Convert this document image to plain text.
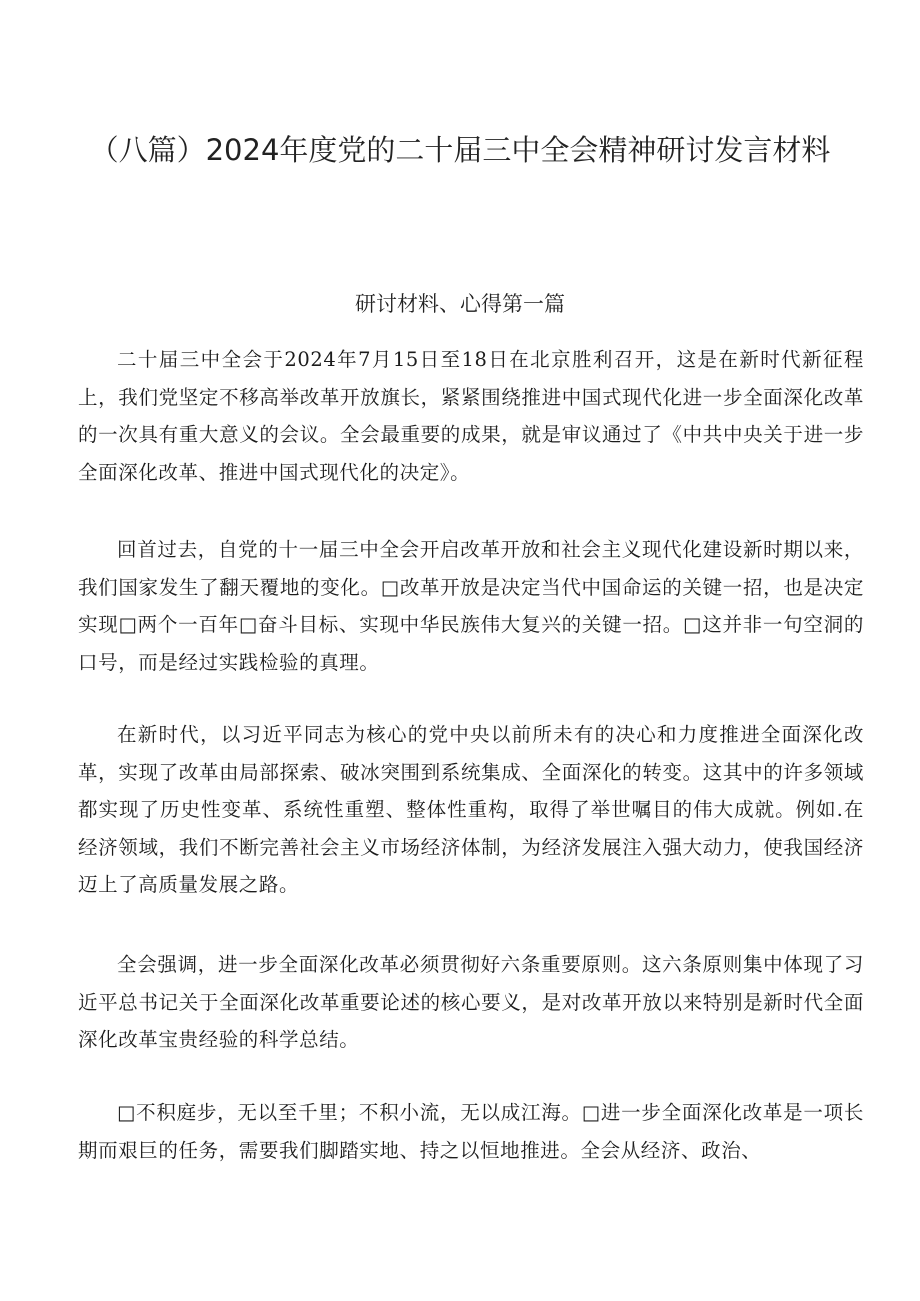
（八篇）2024年度党的二十届三中全会精神研讨发言材料
研讨材料、心得第一篇

二十届三中全会于2024年7月15日至18日在北京胜利召开，这是在新时代新征程上，我们党坚定不移高举改革开放旗长，紧紧围绕推进中国式现代化进一步全面深化改革的一次具有重大意义的会议。全会最重要的成果，就是审议通过了《中共中央关于进一步全面深化改革、推进中国式现代化的决定》。

回首过去，自党的十一届三中全会开启改革开放和社会主义现代化建设新时期以来，我们国家发生了翻天覆地的变化。□改革开放是决定当代中国命运的关键一招，也是决定实现□两个一百年□奋斗目标、实现中华民族伟大复兴的关键一招。□这并非一句空洞的口号，而是经过实践检验的真理。

在新时代，以习近平同志为核心的党中央以前所未有的决心和力度推进全面深化改革，实现了改革由局部探索、破冰突围到系统集成、全面深化的转变。这其中的许多领域都实现了历史性变革、系统性重塑、整体性重构，取得了举世嘱目的伟大成就。例如.在经济领域，我们不断完善社会主义市场经济体制，为经济发展注入强大动力，使我国经济迈上了高质量发展之路。

全会强调，进一步全面深化改革必须贯彻好六条重要原则。这六条原则集中体现了习近平总书记关于全面深化改革重要论述的核心要义，是对改革开放以来特别是新时代全面深化改革宝贵经验的科学总结。

□不积庭步，无以至千里；不积小流，无以成江海。□进一步全面深化改革是一项长期而艰巨的任务，需要我们脚踏实地、持之以恒地推进。全会从经济、政治、
